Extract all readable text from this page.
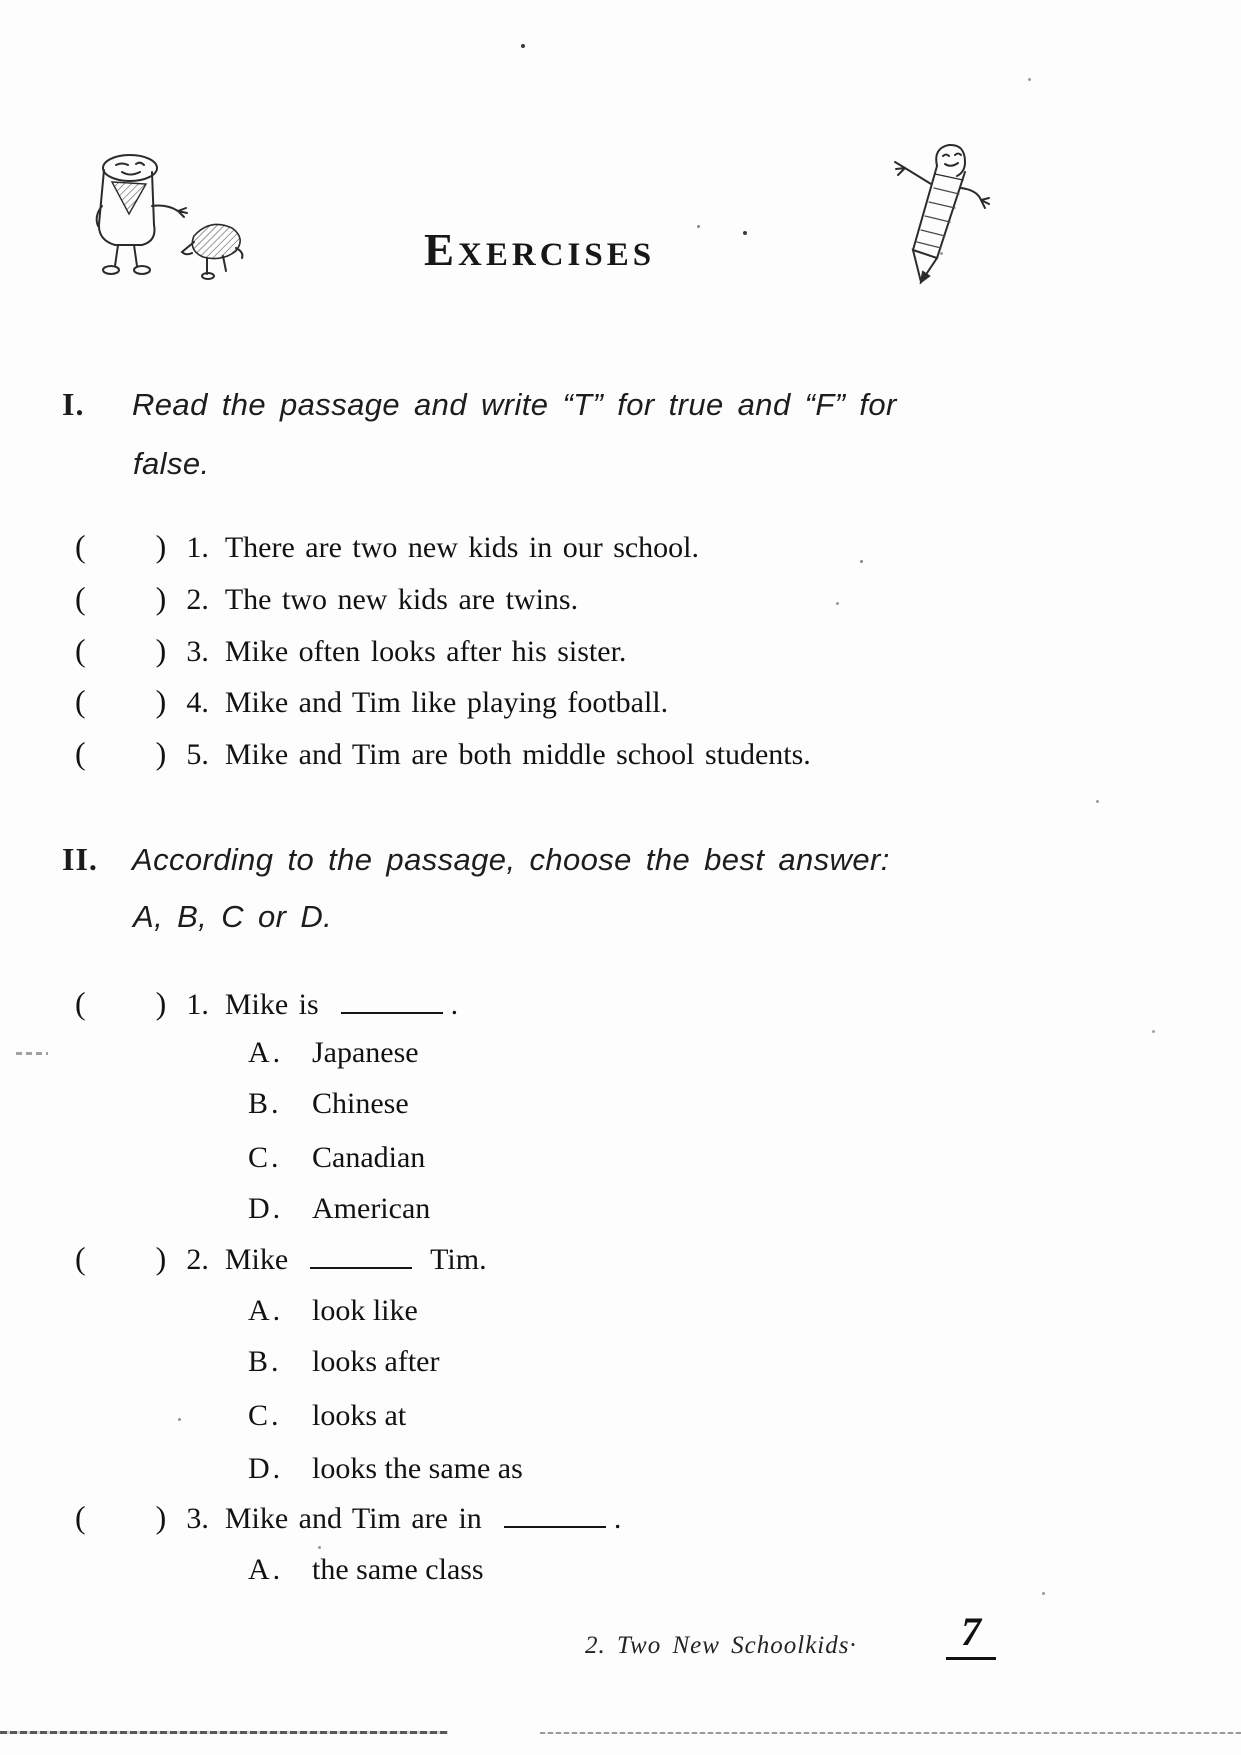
EXERCISES
I. Read the passage and write “T” for true and “F” for
false.
( ) 1. There are two new kids in our school.
( ) 2. The two new kids are twins.
( ) 3. Mike often looks after his sister.
( ) 4. Mike and Tim like playing football.
( ) 5. Mike and Tim are both middle school students.
II. According to the passage, choose the best answer:
A, B, C or D.
( ) 1. Mike is	.
A. Japanese
B. Chinese
C. Canadian
D. American
( ) 2. Mike	Tim.
A. look like
B. looks after
C. looks at
D. looks the same as
( ) 3. Mike and Tim are in	.
A. the same class
2. Two New Schoolkids·	7
